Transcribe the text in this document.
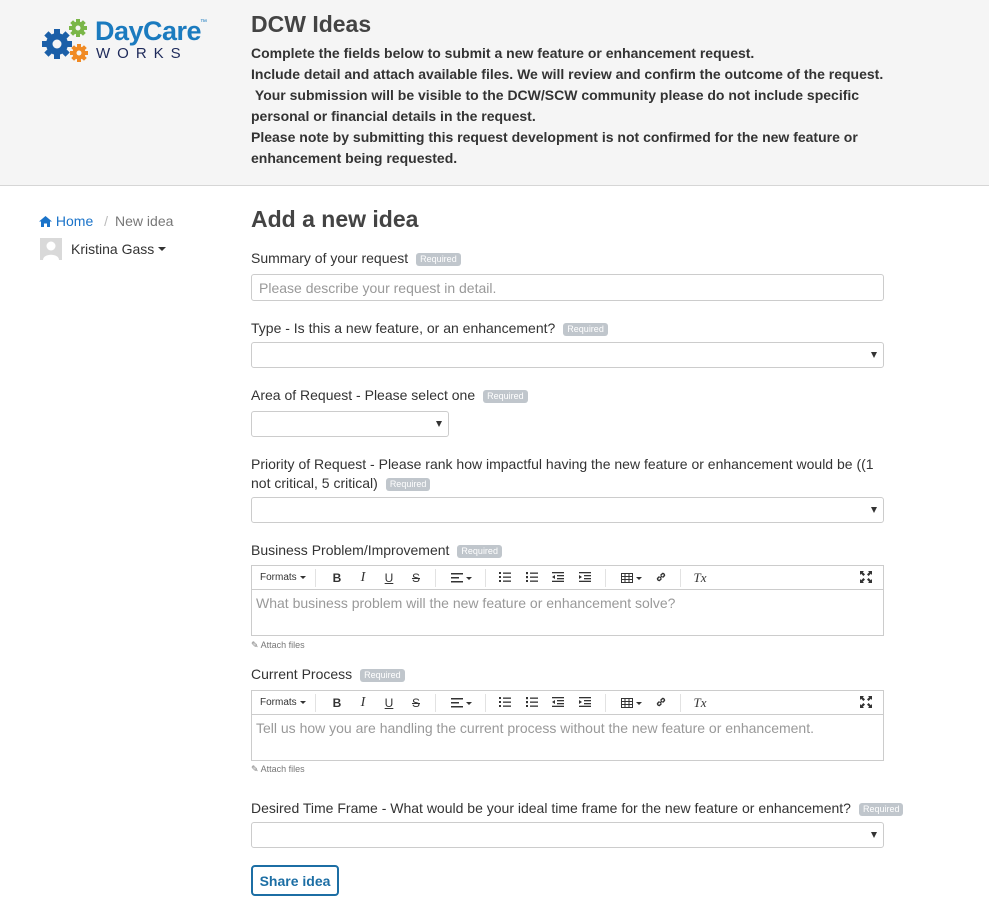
DayCare
™
WORKS
DCW Ideas

Complete the fields below to submit a new feature or enhancement request.

Include detail and attach available files. We will review and confirm the outcome of the request.

Your submission will be visible to the DCW/SCW community please do not include specific personal or financial details in the request.

Please note by submitting this request development is not confirmed for the new feature or enhancement being requested.

Home / New idea
Kristina Gass
Add a new idea
Summary of your request Required
Please describe your request in detail.
Type - Is this a new feature, or an enhancement? Required
Area of Request - Please select one Required
Priority of Request - Please rank how impactful having the new feature or enhancement would be ((1 not critical, 5 critical) Required
Business Problem/Improvement Required
Formats	B	I	U S	Tx
What business problem will the new feature or enhancement solve?
✎ Attach files
Current Process Required
Formats	B	I	U S	Tx
Tell us how you are handling the current process without the new feature or enhancement.
✎ Attach files
Desired Time Frame - What would be your ideal time frame for the new feature or enhancement? Required
Share idea
